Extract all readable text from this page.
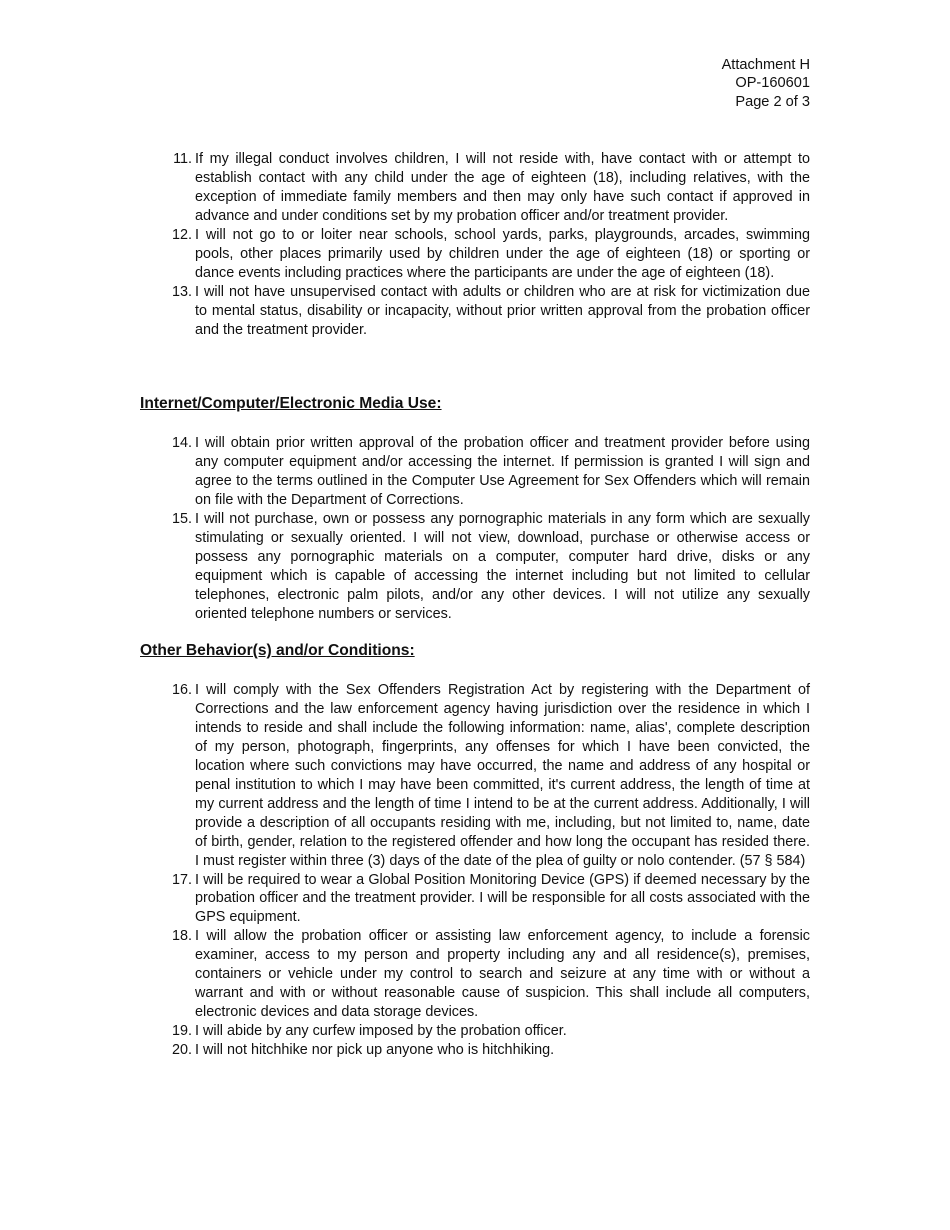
Attachment H
OP-160601
Page 2 of 3
11. If my illegal conduct involves children, I will not reside with, have contact with or attempt to establish contact with any child under the age of eighteen (18), including relatives, with the exception of immediate family members and then may only have such contact if approved in advance and under conditions set by my probation officer and/or treatment provider.
12. I will not go to or loiter near schools, school yards, parks, playgrounds, arcades, swimming pools, other places primarily used by children under the age of eighteen (18) or sporting or dance events including practices where the participants are under the age of eighteen (18).
13. I will not have unsupervised contact with adults or children who are at risk for victimization due to mental status, disability or incapacity, without prior written approval from the probation officer and the treatment provider.
Internet/Computer/Electronic Media Use:
14. I will obtain prior written approval of the probation officer and treatment provider before using any computer equipment and/or accessing the internet. If permission is granted I will sign and agree to the terms outlined in the Computer Use Agreement for Sex Offenders which will remain on file with the Department of Corrections.
15. I will not purchase, own or possess any pornographic materials in any form which are sexually stimulating or sexually oriented. I will not view, download, purchase or otherwise access or possess any pornographic materials on a computer, computer hard drive, disks or any equipment which is capable of accessing the internet including but not limited to cellular telephones, electronic palm pilots, and/or any other devices. I will not utilize any sexually oriented telephone numbers or services.
Other Behavior(s) and/or Conditions:
16. I will comply with the Sex Offenders Registration Act by registering with the Department of Corrections and the law enforcement agency having jurisdiction over the residence in which I intends to reside and shall include the following information: name, alias', complete description of my person, photograph, fingerprints, any offenses for which I have been convicted, the location where such convictions may have occurred, the name and address of any hospital or penal institution to which I may have been committed, it's current address, the length of time at my current address and the length of time I intend to be at the current address. Additionally, I will provide a description of all occupants residing with me, including, but not limited to, name, date of birth, gender, relation to the registered offender and how long the occupant has resided there. I must register within three (3) days of the date of the plea of guilty or nolo contender. (57 § 584)
17. I will be required to wear a Global Position Monitoring Device (GPS) if deemed necessary by the probation officer and the treatment provider. I will be responsible for all costs associated with the GPS equipment.
18. I will allow the probation officer or assisting law enforcement agency, to include a forensic examiner, access to my person and property including any and all residence(s), premises, containers or vehicle under my control to search and seizure at any time with or without a warrant and with or without reasonable cause of suspicion. This shall include all computers, electronic devices and data storage devices.
19. I will abide by any curfew imposed by the probation officer.
20. I will not hitchhike nor pick up anyone who is hitchhiking.
